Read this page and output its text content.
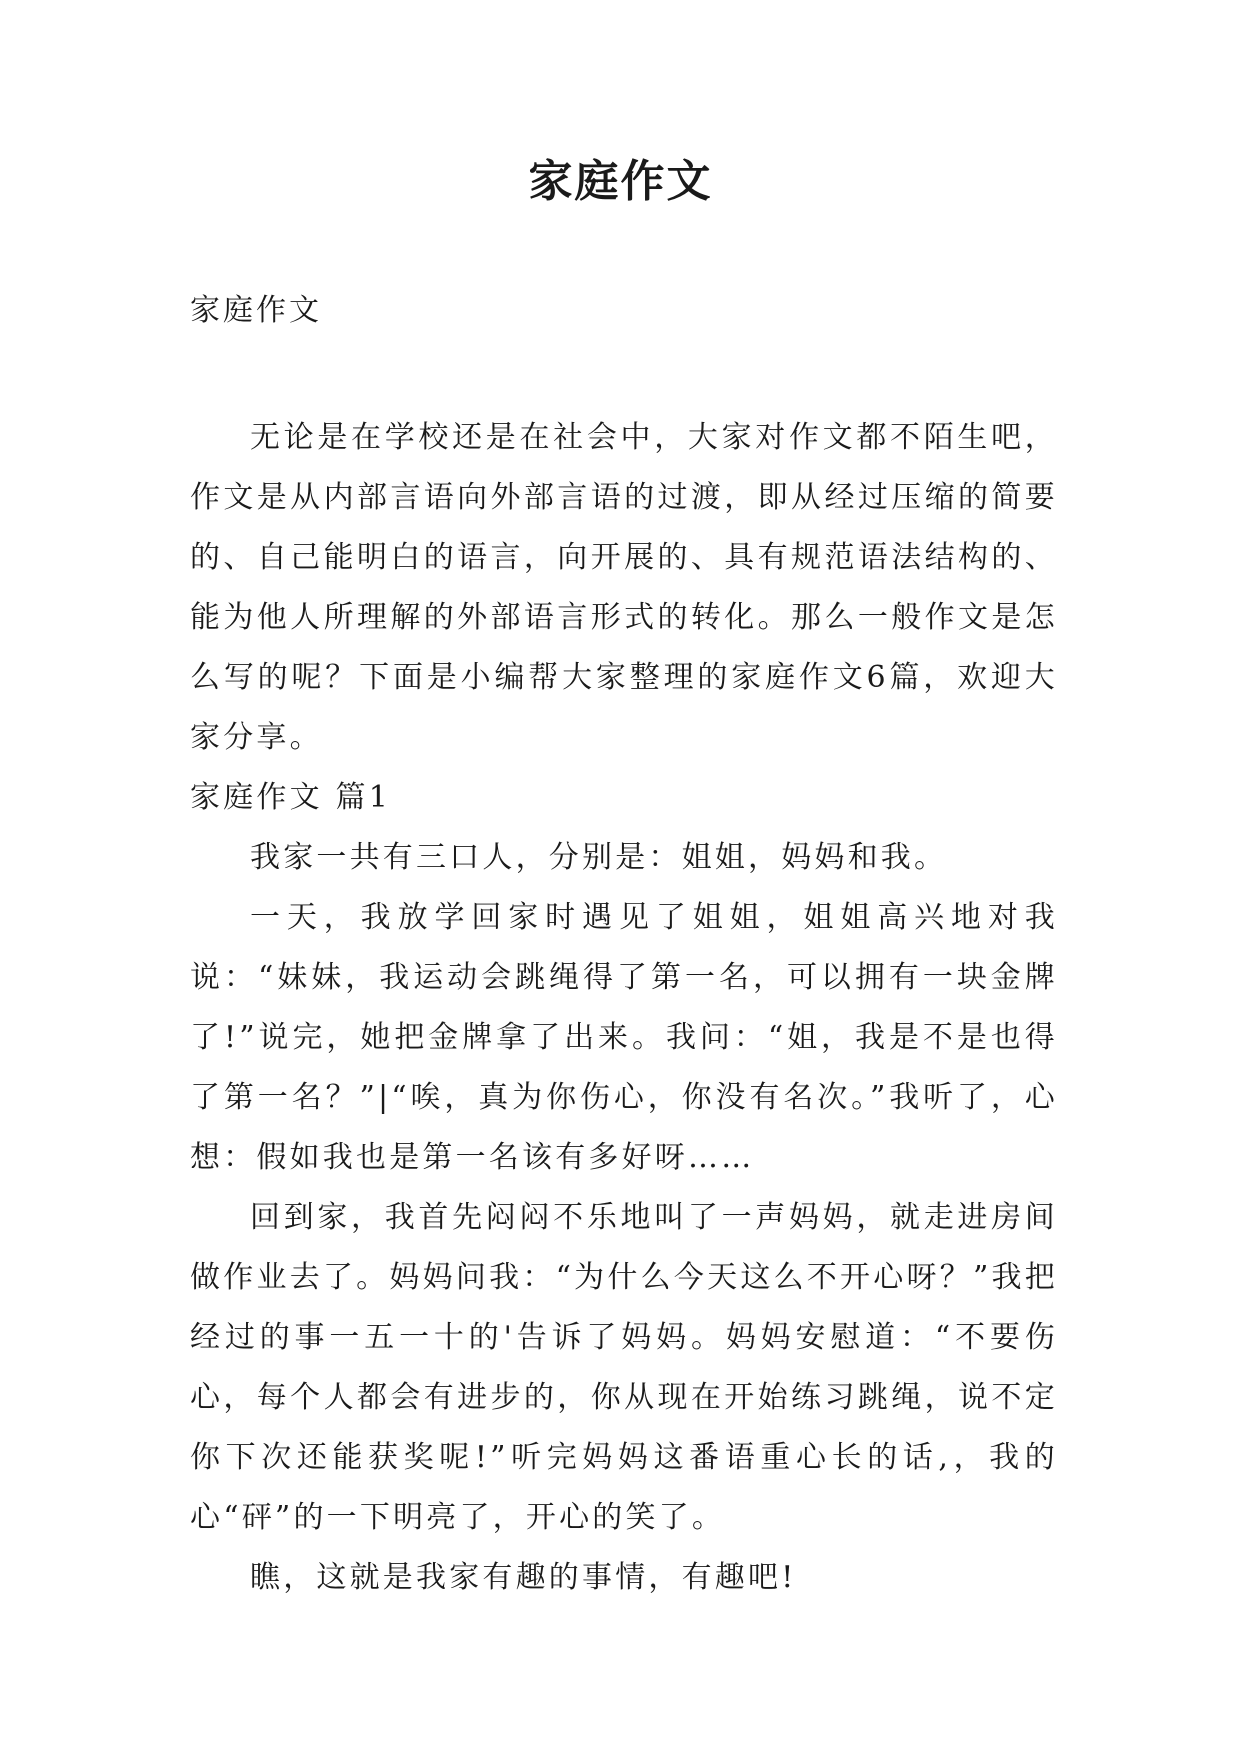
家庭作文
家庭作文

无论是在学校还是在社会中，大家对作文都不陌生吧，作文是从内部言语向外部言语的过渡，即从经过压缩的简要的、自己能明白的语言，向开展的、具有规范语法结构的、能为他人所理解的外部语言形式的转化。那么一般作文是怎么写的呢？下面是小编帮大家整理的家庭作文6篇，欢迎大家分享。

家庭作文 篇1

我家一共有三口人，分别是：姐姐，妈妈和我。

一天，我放学回家时遇见了姐姐，姐姐高兴地对我说：“妹妹，我运动会跳绳得了第一名，可以拥有一块金牌了!”说完，她把金牌拿了出来。我问：“姐，我是不是也得了第一名？”|“唉，真为你伤心，你没有名次。”我听了，心想：假如我也是第一名该有多好呀……

回到家，我首先闷闷不乐地叫了一声妈妈，就走进房间做作业去了。妈妈问我：“为什么今天这么不开心呀？”我把经过的事一五一十的'告诉了妈妈。妈妈安慰道：“不要伤心，每个人都会有进步的，你从现在开始练习跳绳，说不定你下次还能获奖呢!”听完妈妈这番语重心长的话,，我的心“砰”的一下明亮了，开心的笑了。

瞧，这就是我家有趣的事情，有趣吧!
